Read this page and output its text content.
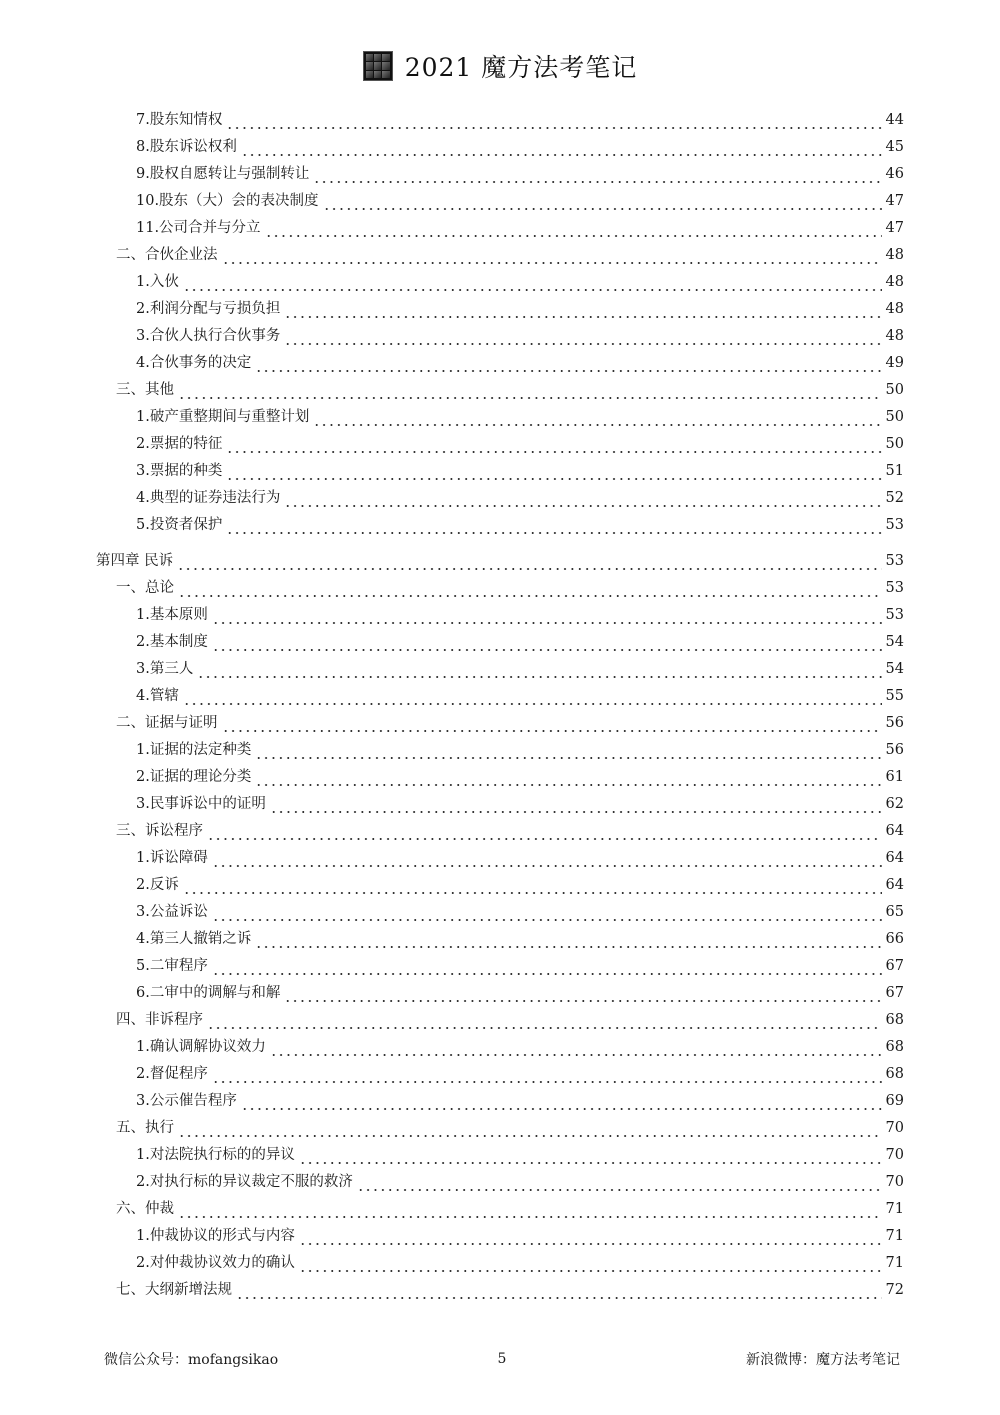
2021 魔方法考笔记
7.股东知情权	44
8.股东诉讼权利	45
9.股权自愿转让与强制转让	46
10.股东（大）会的表决制度	47
11.公司合并与分立	47
二、合伙企业法	48
1.入伙	48
2.利润分配与亏损负担	48
3.合伙人执行合伙事务	48
4.合伙事务的决定	49
三、其他	50
1.破产重整期间与重整计划	50
2.票据的特征	50
3.票据的种类	51
4.典型的证券违法行为	52
5.投资者保护	53
第四章 民诉	53
一、总论	53
1.基本原则	53
2.基本制度	54
3.第三人	54
4.管辖	55
二、证据与证明	56
1.证据的法定种类	56
2.证据的理论分类	61
3.民事诉讼中的证明	62
三、诉讼程序	64
1.诉讼障碍	64
2.反诉	64
3.公益诉讼	65
4.第三人撤销之诉	66
5.二审程序	67
6.二审中的调解与和解	67
四、非诉程序	68
1.确认调解协议效力	68
2.督促程序	68
3.公示催告程序	69
五、执行	70
1.对法院执行标的的异议	70
2.对执行标的异议裁定不服的救济	70
六、仲裁	71
1.仲裁协议的形式与内容	71
2.对仲裁协议效力的确认	71
七、大纲新增法规	72
微信公众号：mofangsikao	5	新浪微博：魔方法考笔记
